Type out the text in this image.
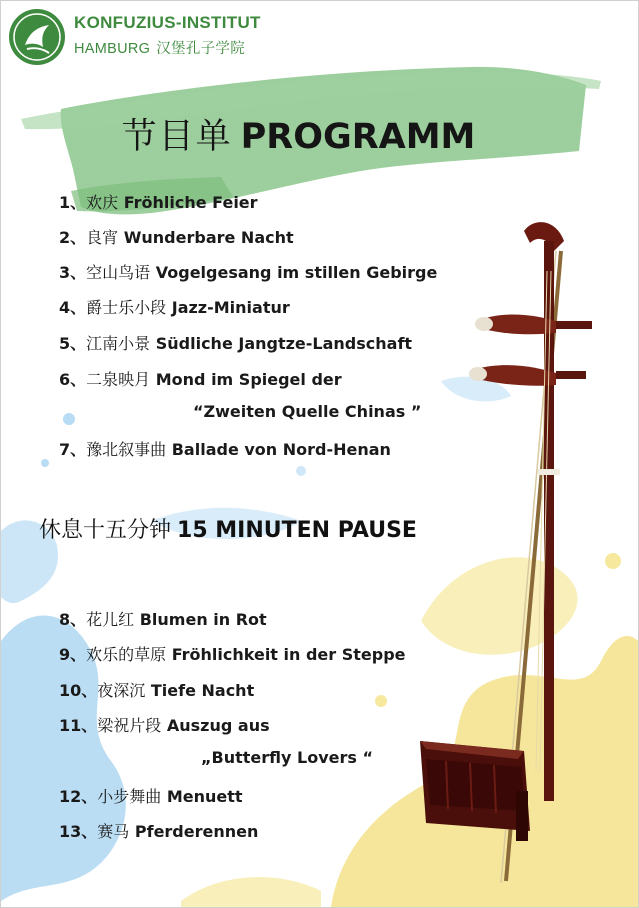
KONFUZIUS-INSTITUT
HAMBURG 汉堡孔子学院
节目单 PROGRAMM
1、欢庆 Fröhliche Feier
2、良宵 Wunderbare Nacht
3、空山鸟语 Vogelgesang im stillen Gebirge
4、爵士乐小段 Jazz-Miniatur
5、江南小景 Südliche Jangtze-Landschaft
6、二泉映月 Mond im Spiegel der
“Zweiten Quelle Chinas ”
7、豫北叙事曲 Ballade von Nord-Henan
休息十五分钟 15 MINUTEN PAUSE
8、花儿红 Blumen in Rot
9、欢乐的草原 Fröhlichkeit in der Steppe
10、夜深沉 Tiefe Nacht
11、梁祝片段 Auszug aus
„Butterfly Lovers “
12、小步舞曲 Menuett
13、赛马 Pferderennen
